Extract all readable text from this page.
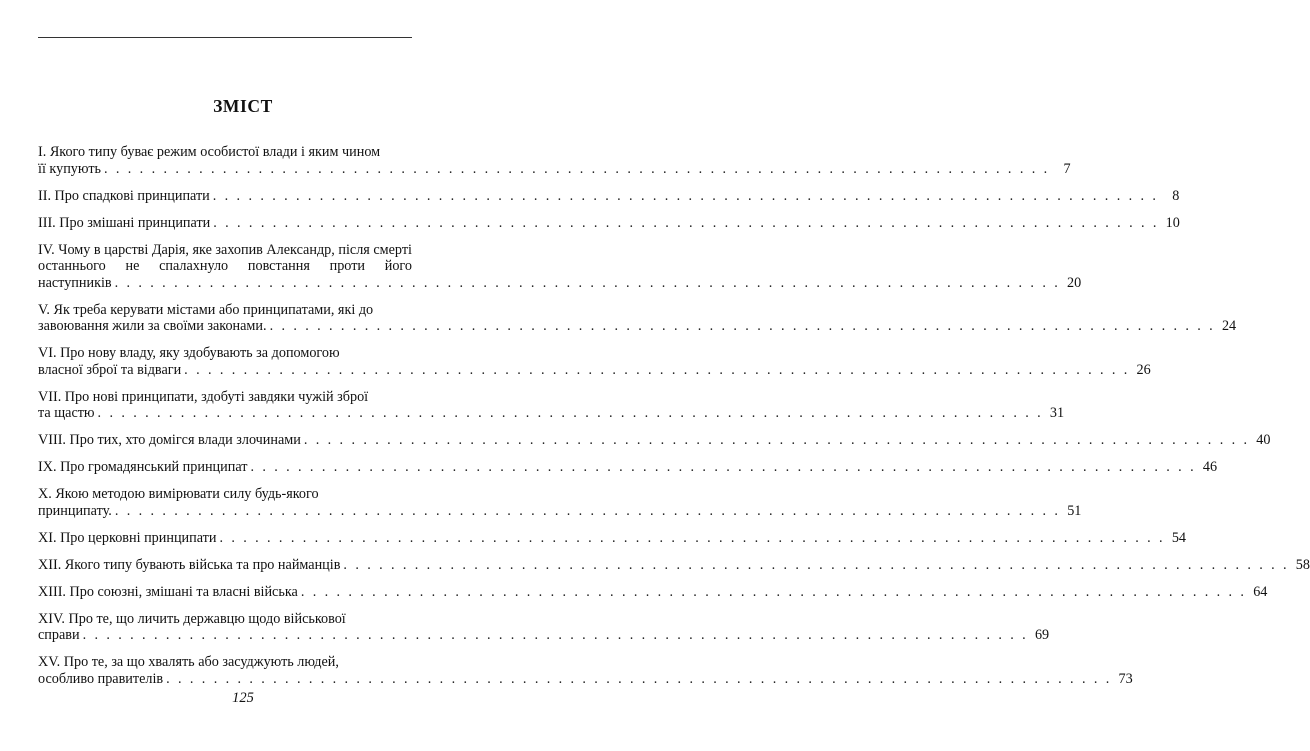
ЗМІСТ
I. Якого типу буває режим особистої влади і яким чином
її купують . . . . . . . . . . . . . . . . . . . . . . . . . . . . . . . . . . . . . . . . . . . . . . . . . . . . . . . . . . . . . . . . . . . . . . . . . . . . . . . . 7
II. Про спадкові принципати . . . . . . . . . . . . . . . . . . . . . . . . . . . . . . . . . . . . . . . . . . . . . . . . . . . . . . . . . . . . . . . . . . . . . . . . . . . . . . . . 8
III. Про змішані принципати . . . . . . . . . . . . . . . . . . . . . . . . . . . . . . . . . . . . . . . . . . . . . . . . . . . . . . . . . . . . . . . . . . . . . . . . . . . . . . . . 10
IV. Чому в царстві Дарія, яке захопив Александр, після смерті останнього не спалахнуло повстання проти його
наступників . . . . . . . . . . . . . . . . . . . . . . . . . . . . . . . . . . . . . . . . . . . . . . . . . . . . . . . . . . . . . . . . . . . . . . . . . . . . . . . . 20
V. Як треба керувати містами або принципатами, які до
завоювання жили за своїми законами. . . . . . . . . . . . . . . . . . . . . . . . . . . . . . . . . . . . . . . . . . . . . . . . . . . . . . . . . . . . . . . . . . . . . . . . . . . . . . . . . 24
VI. Про нову владу, яку здобувають за допомогою
власної зброї та відваги . . . . . . . . . . . . . . . . . . . . . . . . . . . . . . . . . . . . . . . . . . . . . . . . . . . . . . . . . . . . . . . . . . . . . . . . . . . . . . . . 26
VII. Про нові принципати, здобуті завдяки чужій зброї
та щастю . . . . . . . . . . . . . . . . . . . . . . . . . . . . . . . . . . . . . . . . . . . . . . . . . . . . . . . . . . . . . . . . . . . . . . . . . . . . . . . . 31
VIII. Про тих, хто домігся влади злочинами . . . . . . . . . . . . . . . . . . . . . . . . . . . . . . . . . . . . . . . . . . . . . . . . . . . . . . . . . . . . . . . . . . . . . . . . . . . . . . . . 40
IX. Про громадянський принципат . . . . . . . . . . . . . . . . . . . . . . . . . . . . . . . . . . . . . . . . . . . . . . . . . . . . . . . . . . . . . . . . . . . . . . . . . . . . . . . . 46
X. Якою методою вимірювати силу будь-якого
принципату. . . . . . . . . . . . . . . . . . . . . . . . . . . . . . . . . . . . . . . . . . . . . . . . . . . . . . . . . . . . . . . . . . . . . . . . . . . . . . . . . 51
XI. Про церковні принципати . . . . . . . . . . . . . . . . . . . . . . . . . . . . . . . . . . . . . . . . . . . . . . . . . . . . . . . . . . . . . . . . . . . . . . . . . . . . . . . . 54
XII. Якого типу бувають війська та про найманців . . . . . . . . . . . . . . . . . . . . . . . . . . . . . . . . . . . . . . . . . . . . . . . . . . . . . . . . . . . . . . . . . . . . . . . . . . . . . . . . 58
XIII. Про союзні, змішані та власні війська . . . . . . . . . . . . . . . . . . . . . . . . . . . . . . . . . . . . . . . . . . . . . . . . . . . . . . . . . . . . . . . . . . . . . . . . . . . . . . . . 64
XIV. Про те, що личить державцю щодо військової
справи . . . . . . . . . . . . . . . . . . . . . . . . . . . . . . . . . . . . . . . . . . . . . . . . . . . . . . . . . . . . . . . . . . . . . . . . . . . . . . . . 69
XV. Про те, за що хвалять або засуджують людей,
особливо правителів . . . . . . . . . . . . . . . . . . . . . . . . . . . . . . . . . . . . . . . . . . . . . . . . . . . . . . . . . . . . . . . . . . . . . . . . . . . . . . . . 73
125
